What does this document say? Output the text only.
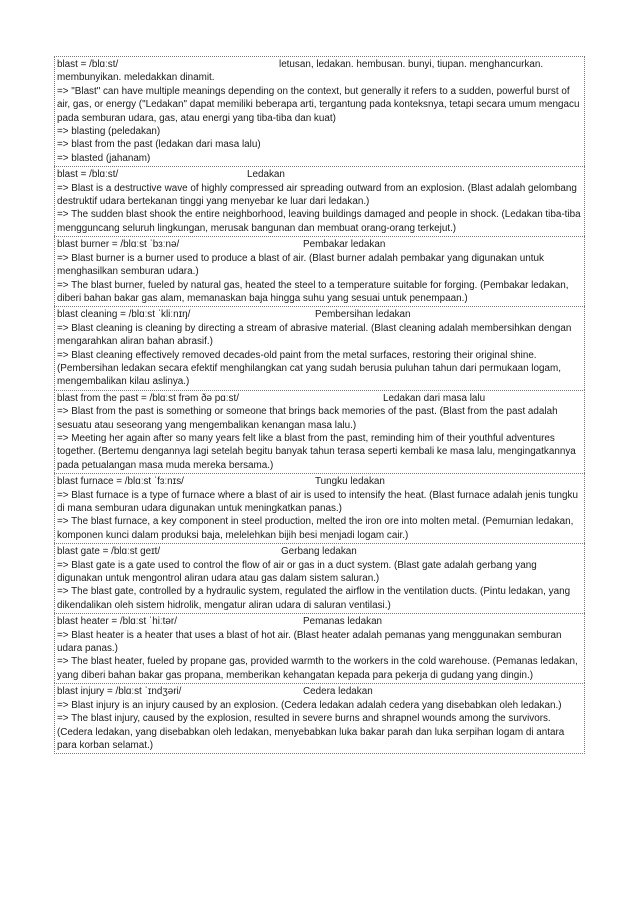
blast = /blɑːst/	letusan, ledakan. hembusan. bunyi, tiupan. menghancurkan.
membunyikan. meledakkan dinamit.
=> "Blast" can have multiple meanings depending on the context, but generally it refers to a sudden, powerful burst of air, gas, or energy ("Ledakan" dapat memiliki beberapa arti, tergantung pada konteksnya, tetapi secara umum mengacu pada semburan udara, gas, atau energi yang tiba-tiba dan kuat)
=> blasting (peledakan)
=> blast from the past (ledakan dari masa lalu)
=> blasted (jahanam)
blast = /blɑːst/	Ledakan
=> Blast is a destructive wave of highly compressed air spreading outward from an explosion. (Blast adalah gelombang destruktif udara bertekanan tinggi yang menyebar ke luar dari ledakan.)
=> The sudden blast shook the entire neighborhood, leaving buildings damaged and people in shock. (Ledakan tiba-tiba mengguncang seluruh lingkungan, merusak bangunan dan membuat orang-orang terkejut.)
blast burner = /blɑːst ˈbɜːnə/	Pembakar ledakan
=> Blast burner is a burner used to produce a blast of air. (Blast burner adalah pembakar yang digunakan untuk menghasilkan semburan udara.)
=> The blast burner, fueled by natural gas, heated the steel to a temperature suitable for forging. (Pembakar ledakan, diberi bahan bakar gas alam, memanaskan baja hingga suhu yang sesuai untuk penempaan.)
blast cleaning = /blɑːst ˈkliːnɪŋ/	Pembersihan ledakan
=> Blast cleaning is cleaning by directing a stream of abrasive material. (Blast cleaning adalah membersihkan dengan mengarahkan aliran bahan abrasif.)
=> Blast cleaning effectively removed decades-old paint from the metal surfaces, restoring their original shine. (Pembersihan ledakan secara efektif menghilangkan cat yang sudah berusia puluhan tahun dari permukaan logam, mengembalikan kilau aslinya.)
blast from the past = /blɑːst frəm ðə pɑːst/	Ledakan dari masa lalu
=> Blast from the past is something or someone that brings back memories of the past. (Blast from the past adalah sesuatu atau seseorang yang mengembalikan kenangan masa lalu.)
=> Meeting her again after so many years felt like a blast from the past, reminding him of their youthful adventures together. (Bertemu dengannya lagi setelah begitu banyak tahun terasa seperti kembali ke masa lalu, mengingatkannya pada petualangan masa muda mereka bersama.)
blast furnace = /blɑːst ˈfɜːnɪs/	Tungku ledakan
=> Blast furnace is a type of furnace where a blast of air is used to intensify the heat. (Blast furnace adalah jenis tungku di mana semburan udara digunakan untuk meningkatkan panas.)
=> The blast furnace, a key component in steel production, melted the iron ore into molten metal. (Pemurnian ledakan, komponen kunci dalam produksi baja, melelehkan bijih besi menjadi logam cair.)
blast gate = /blɑːst geɪt/	Gerbang ledakan
=> Blast gate is a gate used to control the flow of air or gas in a duct system. (Blast gate adalah gerbang yang digunakan untuk mengontrol aliran udara atau gas dalam sistem saluran.)
=> The blast gate, controlled by a hydraulic system, regulated the airflow in the ventilation ducts. (Pintu ledakan, yang dikendalikan oleh sistem hidrolik, mengatur aliran udara di saluran ventilasi.)
blast heater = /blɑːst ˈhiːtər/	Pemanas ledakan
=> Blast heater is a heater that uses a blast of hot air. (Blast heater adalah pemanas yang menggunakan semburan udara panas.)
=> The blast heater, fueled by propane gas, provided warmth to the workers in the cold warehouse. (Pemanas ledakan, yang diberi bahan bakar gas propana, memberikan kehangatan kepada para pekerja di gudang yang dingin.)
blast injury = /blɑːst ˈɪndʒəri/	Cedera ledakan
=> Blast injury is an injury caused by an explosion. (Cedera ledakan adalah cedera yang disebabkan oleh ledakan.)
=> The blast injury, caused by the explosion, resulted in severe burns and shrapnel wounds among the survivors. (Cedera ledakan, yang disebabkan oleh ledakan, menyebabkan luka bakar parah dan luka serpihan logam di antara para korban selamat.)
